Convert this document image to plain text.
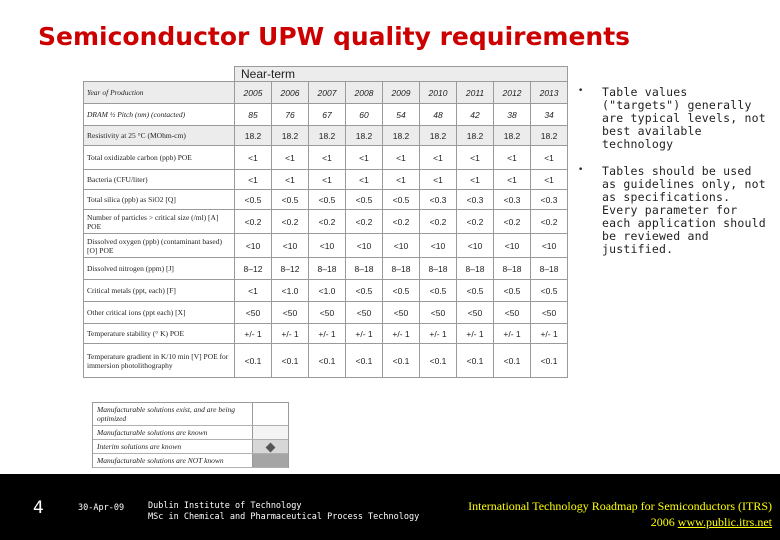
Semiconductor UPW quality requirements
	Near-term								
Year of Production	2005	2006	2007	2008	2009	2010	2011	2012	2013
DRAM ½ Pitch (nm) (contacted)	85	76	67	60	54	48	42	38	34
Resistivity at 25 °C (MOhm-cm)	18.2	18.2	18.2	18.2	18.2	18.2	18.2	18.2	18.2
Total oxidizable carbon (ppb) POE	<1	<1	<1	<1	<1	<1	<1	<1	<1
Bacteria (CFU/liter)	<1	<1	<1	<1	<1	<1	<1	<1	<1
Total silica (ppb) as SiO2 [Q]	<0.5	<0.5	<0.5	<0.5	<0.5	<0.3	<0.3	<0.3	<0.3
Number of particles > critical size (/ml) [A] POE	<0.2	<0.2	<0.2	<0.2	<0.2	<0.2	<0.2	<0.2	<0.2
Dissolved oxygen (ppb) (contaminant based) [O] POE	<10	<10	<10	<10	<10	<10	<10	<10	<10
Dissolved nitrogen (ppm) [J]	8–12	8–12	8–18	8–18	8–18	8–18	8–18	8–18	8–18
Critical metals (ppt, each) [F]	<1	<1.0	<1.0	<0.5	<0.5	<0.5	<0.5	<0.5	<0.5
Other critical ions (ppt each) [X]	<50	<50	<50	<50	<50	<50	<50	<50	<50
Temperature stability (° K) POE	+/- 1	+/- 1	+/- 1	+/- 1	+/- 1	+/- 1	+/- 1	+/- 1	+/- 1
Temperature gradient in K/10 min [V] POE for immersion photolithography	<0.1	<0.1	<0.1	<0.1	<0.1	<0.1	<0.1	<0.1	<0.1
Manufacturable solutions exist, and are being optimized
Manufacturable solutions are known
Interim solutions are known
Manufacturable solutions are NOT known
•	Table values ("targets") generally are typical levels, not best available technology
•	Tables should be used as guidelines only, not as specifications. Every parameter for each application should be reviewed and justified.
4	30-Apr-09	Dublin Institute of Technology
MSc in Chemical and Pharmaceutical Process Technology
International Technology Roadmap for Semiconductors (ITRS)
2006 www.public.itrs.net
